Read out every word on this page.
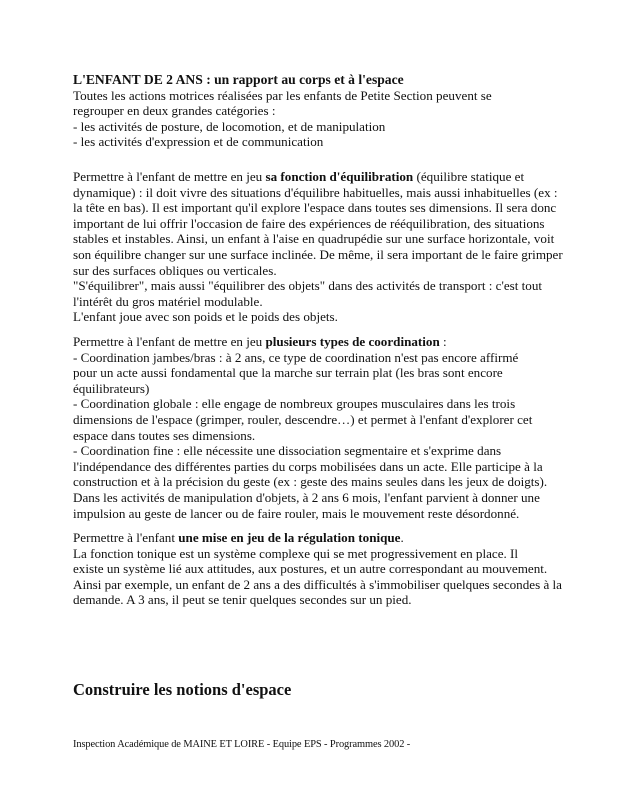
L'ENFANT DE 2 ANS : un rapport au corps et à l'espace
Toutes les actions motrices réalisées par les enfants de Petite Section peuvent se
regrouper en deux grandes catégories :
- les activités de posture, de locomotion, et de manipulation
- les activités d'expression et de communication
Permettre à l'enfant de mettre en jeu sa fonction d'équilibration (équilibre statique et
dynamique) : il doit vivre des situations d'équilibre habituelles, mais aussi inhabituelles (ex :
la tête en bas). Il est important qu'il explore l'espace dans toutes ses dimensions. Il sera donc
important de lui offrir l'occasion de faire des expériences de rééquilibration, des situations
stables et instables. Ainsi, un enfant à l'aise en quadrupédie sur une surface horizontale, voit
son équilibre changer sur une surface inclinée. De même, il sera important de le faire grimper
sur des surfaces obliques ou verticales.
"S'équilibrer", mais aussi "équilibrer des objets" dans des activités de transport : c'est tout
l'intérêt du gros matériel modulable.
L'enfant joue avec son poids et le poids des objets.
Permettre à l'enfant de mettre en jeu plusieurs types de coordination :
- Coordination jambes/bras : à 2 ans, ce type de coordination n'est pas encore affirmé
pour un acte aussi fondamental que la marche sur terrain plat (les bras sont encore
équilibrateurs)
- Coordination globale : elle engage de nombreux groupes musculaires dans les trois
dimensions de l'espace (grimper, rouler, descendre…) et permet à l'enfant d'explorer cet
espace dans toutes ses dimensions.
- Coordination fine : elle nécessite une dissociation segmentaire et s'exprime dans
l'indépendance des différentes parties du corps mobilisées dans un acte. Elle participe à la
construction et à la précision du geste (ex : geste des mains seules dans les jeux de doigts).
Dans les activités de manipulation d'objets, à 2 ans 6 mois, l'enfant parvient à donner une
impulsion au geste de lancer ou de faire rouler, mais le mouvement reste désordonné.
Permettre à l'enfant une mise en jeu de la régulation tonique.
La fonction tonique est un système complexe qui se met progressivement en place. Il
existe un système lié aux attitudes, aux postures, et un autre correspondant au mouvement.
Ainsi par exemple, un enfant de 2 ans a des difficultés à s'immobiliser quelques secondes à la
demande. A 3 ans, il peut se tenir quelques secondes sur un pied.
Construire les notions d'espace
Inspection Académique de MAINE ET LOIRE - Equipe EPS - Programmes 2002 -
